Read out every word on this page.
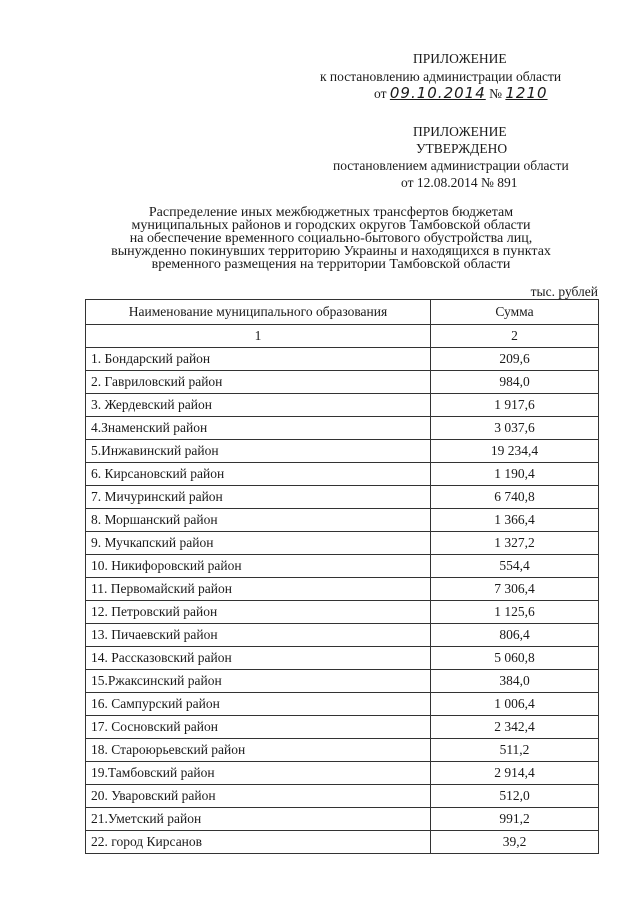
ПРИЛОЖЕНИЕ
к постановлению администрации области
от 09.10.2014 № 1210
ПРИЛОЖЕНИЕ
УТВЕРЖДЕНО
постановлением администрации области
от 12.08.2014 № 891
Распределение иных межбюджетных трансфертов бюджетам
муниципальных районов и городских округов Тамбовской области
на обеспечение временного социально-бытового обустройства лиц,
вынужденно покинувших территорию Украины и находящихся в пунктах
временного размещения на территории Тамбовской области
тыс. рублей
Наименование муниципального образования	Сумма
1	2
1. Бондарский район	209,6
2. Гавриловский район	984,0
3. Жердевский район	1 917,6
4.Знаменский район	3 037,6
5.Инжавинский район	19 234,4
6. Кирсановский район	1 190,4
7. Мичуринский район	6 740,8
8. Моршанский район	1 366,4
9. Мучкапский район	1 327,2
10. Никифоровский район	554,4
11. Первомайский район	7 306,4
12. Петровский район	1 125,6
13. Пичаевский район	806,4
14. Рассказовский район	5 060,8
15.Ржаксинский район	384,0
16. Сампурский район	1 006,4
17. Сосновский район	2 342,4
18. Староюрьевский район	511,2
19.Тамбовский район	2 914,4
20. Уваровский район	512,0
21.Уметский район	991,2
22. город Кирсанов	39,2
